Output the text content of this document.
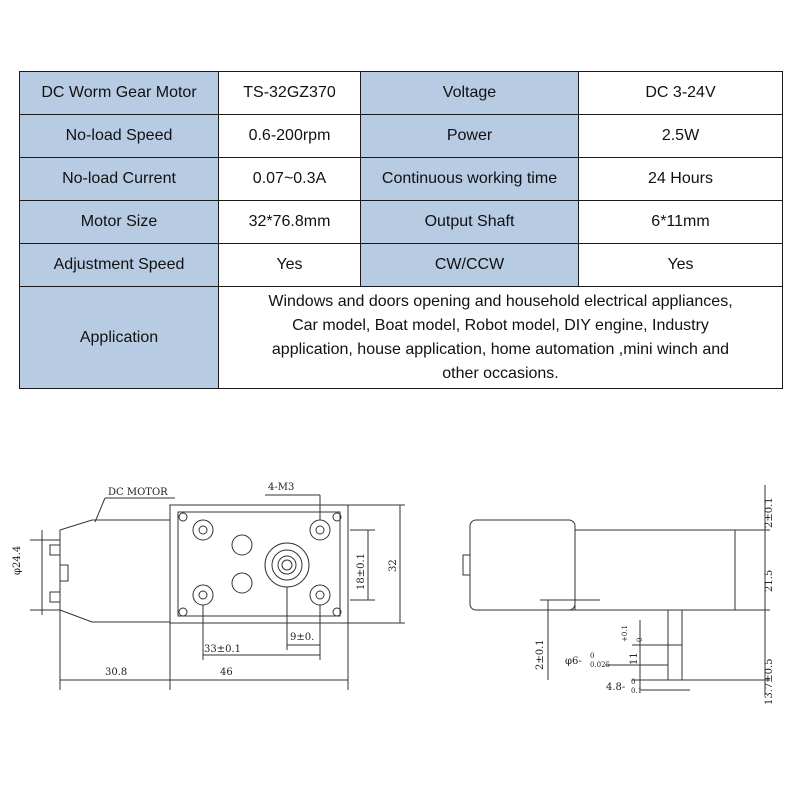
DC Worm Gear Motor	TS-32GZ370	Voltage	DC 3-24V
No-load Speed	0.6-200rpm	Power	2.5W
No-load Current	0.07~0.3A	Continuous working time	24 Hours
Motor Size	32*76.8mm	Output Shaft	6*11mm
Adjustment Speed	Yes	CW/CCW	Yes
Application	Windows and doors opening and household electrical appliances,
Car model, Boat model, Robot model, DIY engine, Industry
application, house application, home automation ,mini winch and
other occasions.		
DC MOTOR	4-M3
φ24.4	18±0.1 32
33±0.1
9±0.
46
30.8
2±0.1
21.5
13.7±0.5
2±0.1	11
+0.1 0
φ6- 0
0.025
4.8- 0
0.1
